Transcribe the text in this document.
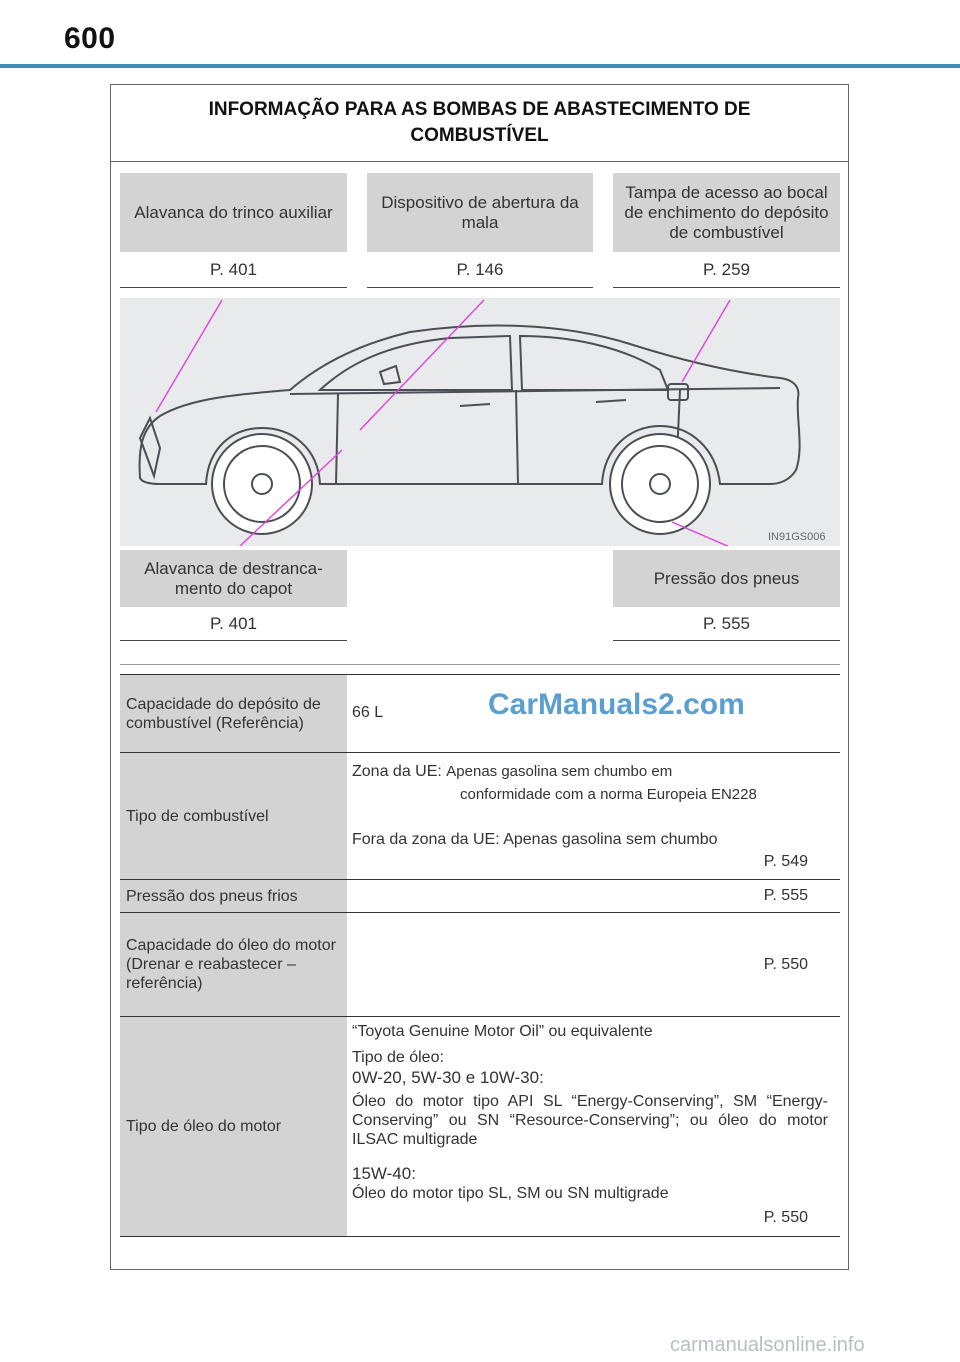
600
INFORMAÇÃO PARA AS BOMBAS DE ABASTECIMENTO DE COMBUSTÍVEL
Alavanca do trinco auxiliar
P. 401
Dispositivo de abertura da mala
P. 146
Tampa de acesso ao bocal de enchimento do depósito de combustível
P. 259
IN91GS006
Alavanca de destranca-mento do capot
P. 401
Pressão dos pneus
P. 555
Capacidade do depósito de combustível (Referência)
66 L
Tipo de combustível
Zona da UE: Apenas gasolina sem chumbo em
conformidade com a norma Europeia EN228
Fora da zona da UE: Apenas gasolina sem chumbo
P. 549
Pressão dos pneus frios	P. 555
Capacidade do óleo do motor (Drenar e reabastecer – referência)
P. 550
Tipo de óleo do motor
“Toyota Genuine Motor Oil” ou equivalente
Tipo de óleo:
0W-20, 5W-30 e 10W-30:
Óleo do motor tipo API SL “Energy-Conserving”, SM “Energy-Conserving” ou SN “Resource-Conserving”; ou óleo do motor ILSAC multigrade
15W-40:
Óleo do motor tipo SL, SM ou SN multigrade
P. 550
CarManuals2.com
carmanualsonline.info
